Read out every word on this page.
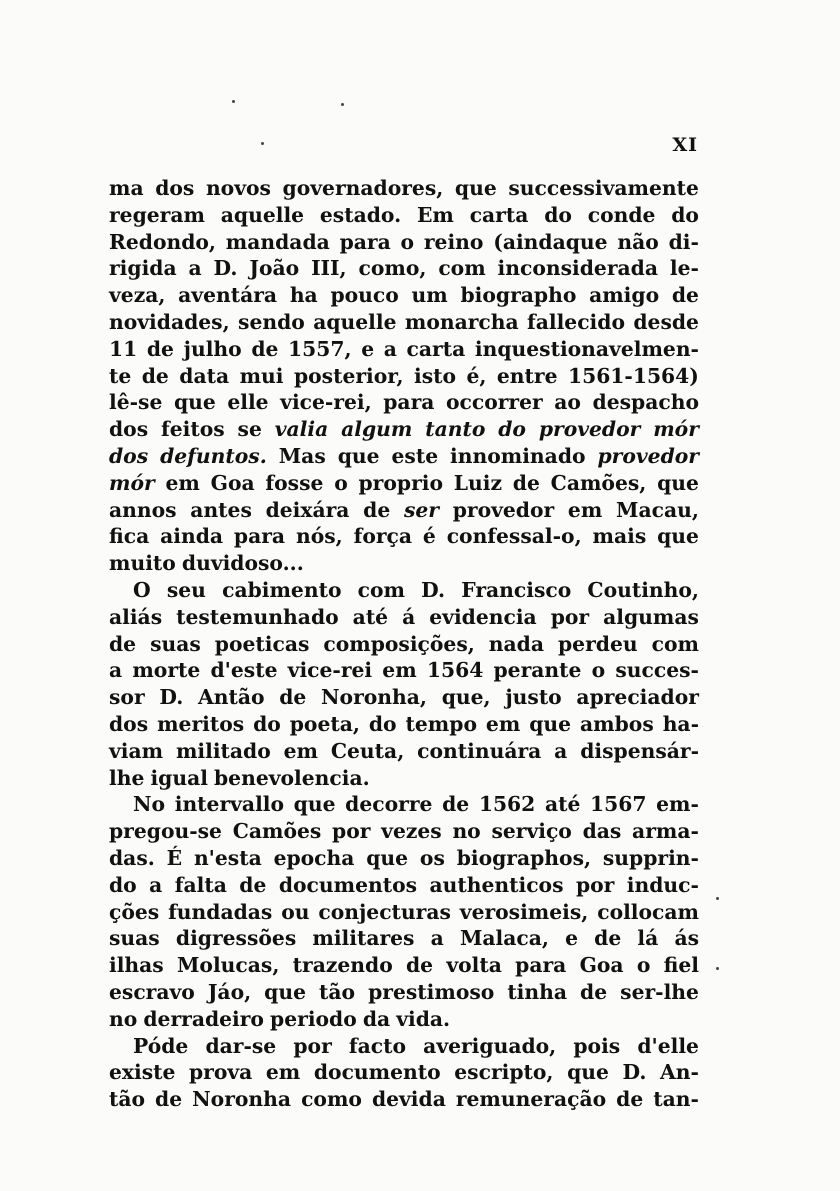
XI
ma dos novos governadores, que successivamente
regeram aquelle estado. Em carta do conde do
Redondo, mandada para o reino (aindaque não di-
rigida a D. João III, como, com inconsiderada le-
veza, aventára ha pouco um biographo amigo de
novidades, sendo aquelle monarcha fallecido desde
11 de julho de 1557, e a carta inquestionavelmen-
te de data mui posterior, isto é, entre 1561-1564)
lê-se que elle vice-rei, para occorrer ao despacho
dos feitos se valia algum tanto do provedor mór
dos defuntos. Mas que este innominado provedor
mór em Goa fosse o proprio Luiz de Camões, que
annos antes deixára de ser provedor em Macau,
fica ainda para nós, força é confessal-o, mais que
muito duvidoso...
O seu cabimento com D. Francisco Coutinho,
aliás testemunhado até á evidencia por algumas
de suas poeticas composições, nada perdeu com
a morte d'este vice-rei em 1564 perante o succes-
sor D. Antão de Noronha, que, justo apreciador
dos meritos do poeta, do tempo em que ambos ha-
viam militado em Ceuta, continuára a dispensár-
lhe igual benevolencia.
No intervallo que decorre de 1562 até 1567 em-
pregou-se Camões por vezes no serviço das arma-
das. É n'esta epocha que os biographos, supprin-
do a falta de documentos authenticos por induc-
ções fundadas ou conjecturas verosimeis, collocam
suas digressões militares a Malaca, e de lá ás
ilhas Molucas, trazendo de volta para Goa o fiel
escravo Jáo, que tão prestimoso tinha de ser-lhe
no derradeiro periodo da vida.
Póde dar-se por facto averiguado, pois d'elle
existe prova em documento escripto, que D. An-
tão de Noronha como devida remuneração de tan-
